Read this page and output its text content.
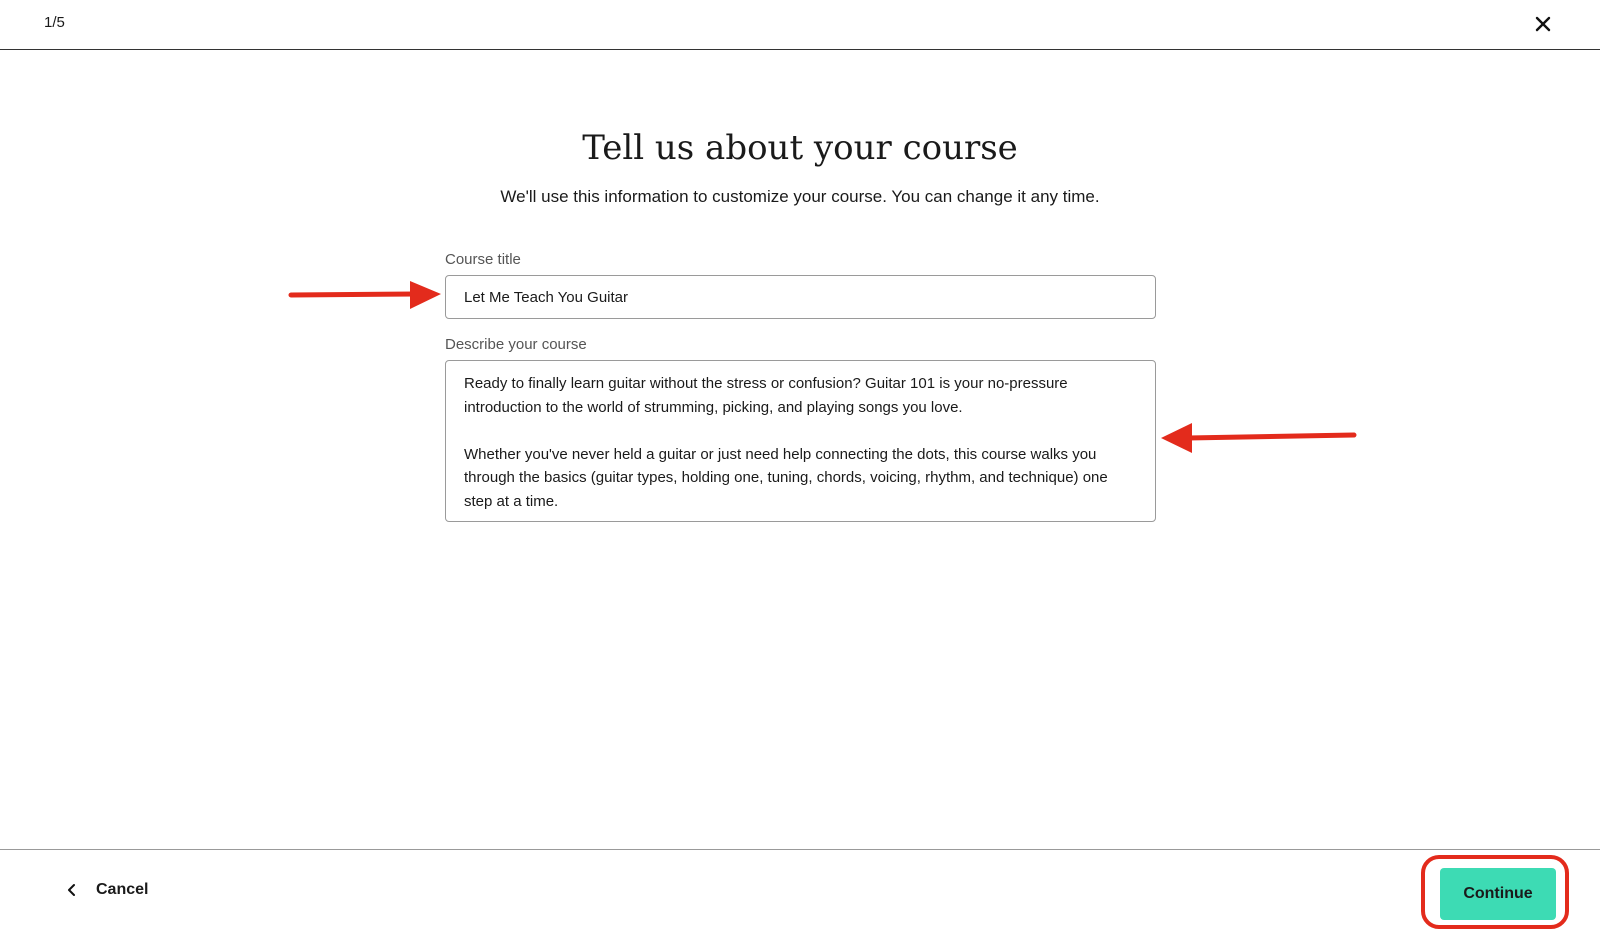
1/5
Tell us about your course
We'll use this information to customize your course. You can change it any time.
Course title
Let Me Teach You Guitar
Describe your course
Ready to finally learn guitar without the stress or confusion? Guitar 101 is your no-pressure introduction to the world of strumming, picking, and playing songs you love. Whether you've never held a guitar or just need help connecting the dots, this course walks you through the basics (guitar types, holding one, tuning, chords, voicing, rhythm, and technique) one step at a time.
Cancel	Continue
